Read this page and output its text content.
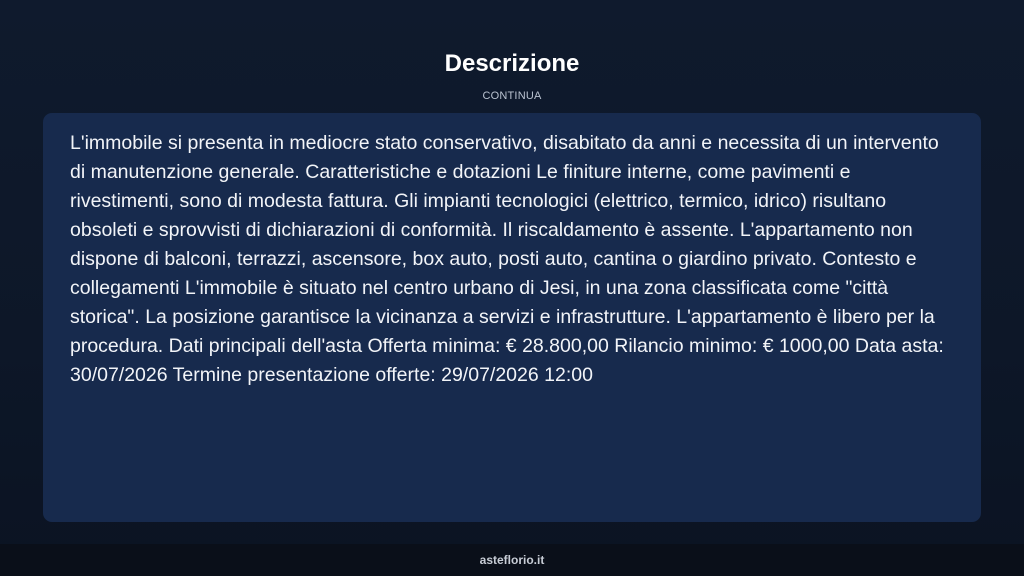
Descrizione
CONTINUA

L'immobile si presenta in mediocre stato conservativo, disabitato da anni e necessita di un intervento di manutenzione generale. Caratteristiche e dotazioni Le finiture interne, come pavimenti e rivestimenti, sono di modesta fattura. Gli impianti tecnologici (elettrico, termico, idrico) risultano obsoleti e sprovvisti di dichiarazioni di conformità. Il riscaldamento è assente. L'appartamento non dispone di balconi, terrazzi, ascensore, box auto, posti auto, cantina o giardino privato. Contesto e collegamenti L'immobile è situato nel centro urbano di Jesi, in una zona classificata come "città storica". La posizione garantisce la vicinanza a servizi e infrastrutture. L'appartamento è libero per la procedura. Dati principali dell'asta Offerta minima: € 28.800,00 Rilancio minimo: € 1000,00 Data asta: 30/07/2026 Termine presentazione offerte: 29/07/2026 12:00

asteflorio.it
